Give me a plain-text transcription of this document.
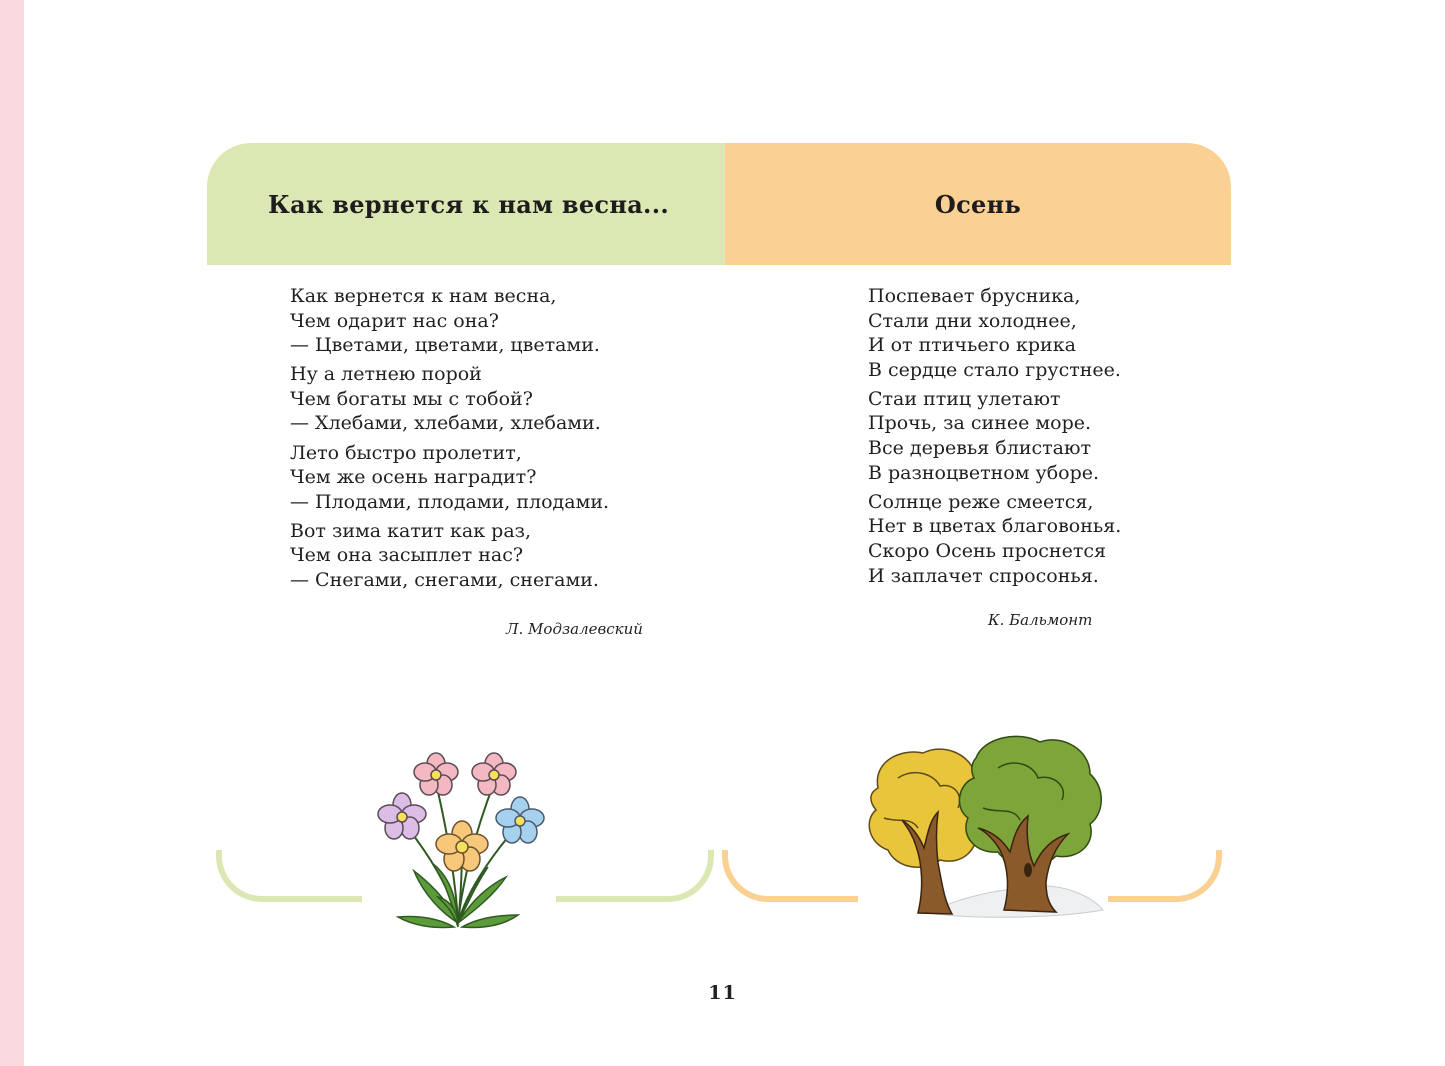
Как вернется к нам весна...	Осень
Как вернется к нам весна,
Чем одарит нас она?
— Цветами, цветами, цветами.
Ну а летнею порой
Чем богаты мы с тобой?
— Хлебами, хлебами, хлебами.
Лето быстро пролетит,
Чем же осень наградит?
— Плодами, плодами, плодами.
Вот зима катит как раз,
Чем она засыплет нас?
— Снегами, снегами, снегами.
Поспевает брусника,
Стали дни холоднее,
И от птичьего крика
В сердце стало грустнее.
Стаи птиц улетают
Прочь, за синее море.
Все деревья блистают
В разноцветном уборе.
Солнце реже смеется,
Нет в цветах благовонья.
Скоро Осень проснется
И заплачет спросонья.
Л. Модзалевский	К. Бальмонт
11
